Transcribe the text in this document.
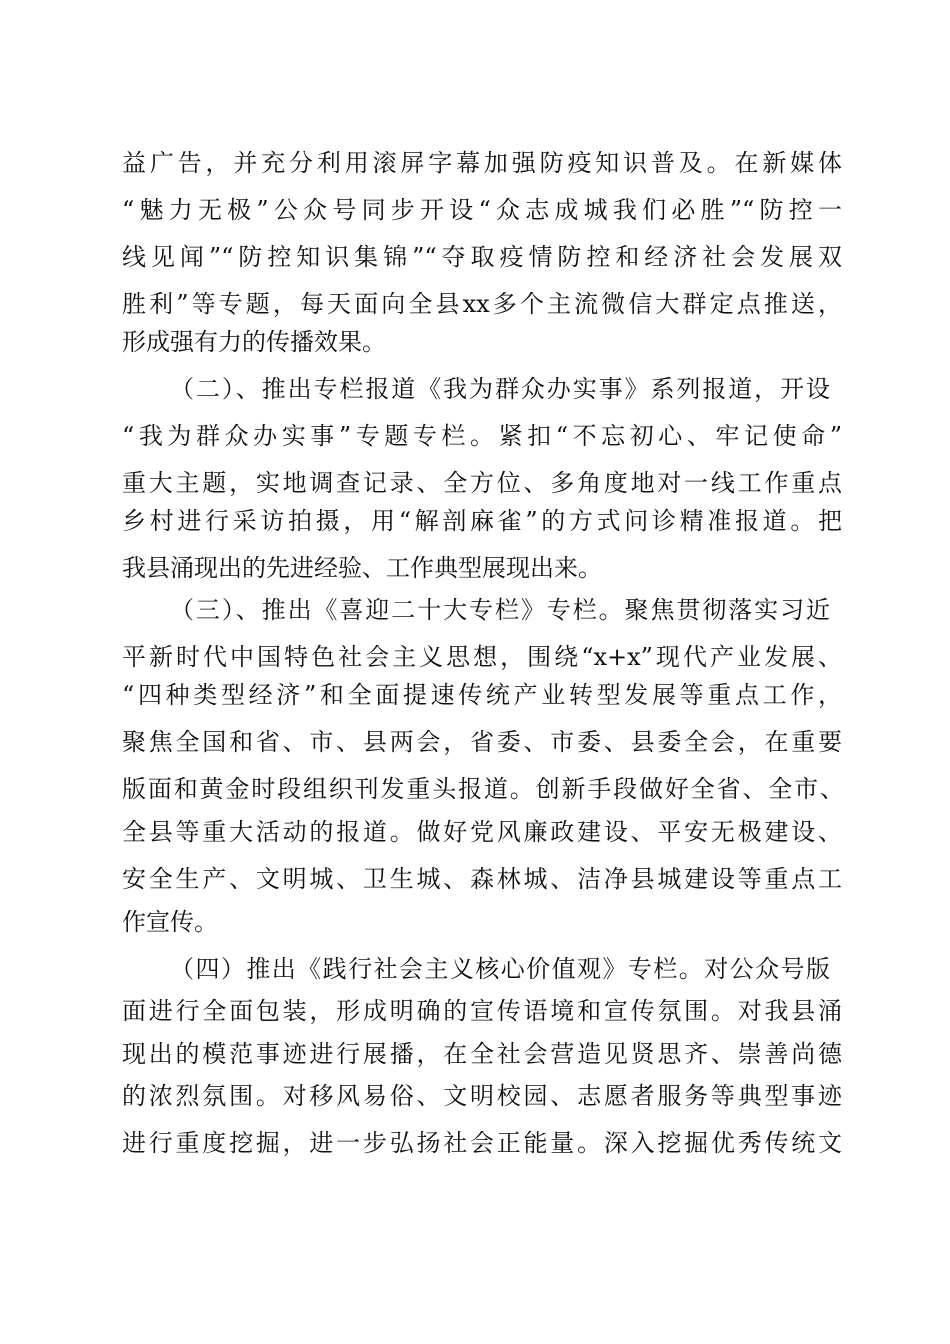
益广告，并充分利用滚屏字幕加强防疫知识普及。在新媒体
“魅力无极”公众号同步开设“众志成城我们必胜”“防控一
线见闻”“防控知识集锦”“夺取疫情防控和经济社会发展双
胜利”等专题，每天面向全县xx多个主流微信大群定点推送，
形成强有力的传播效果。
（二）、推出专栏报道《我为群众办实事》系列报道，开设
“我为群众办实事”专题专栏。紧扣“不忘初心、牢记使命”
重大主题，实地调查记录、全方位、多角度地对一线工作重点
乡村进行采访拍摄，用“解剖麻雀”的方式问诊精准报道。把
我县涌现出的先进经验、工作典型展现出来。
（三）、推出《喜迎二十大专栏》专栏。聚焦贯彻落实习近
平新时代中国特色社会主义思想，围绕“x+x”现代产业发展、
“四种类型经济”和全面提速传统产业转型发展等重点工作，
聚焦全国和省、市、县两会，省委、市委、县委全会，在重要
版面和黄金时段组织刊发重头报道。创新手段做好全省、全市、
全县等重大活动的报道。做好党风廉政建设、平安无极建设、
安全生产、文明城、卫生城、森林城、洁净县城建设等重点工
作宣传。
（四）推出《践行社会主义核心价值观》专栏。对公众号版
面进行全面包装，形成明确的宣传语境和宣传氛围。对我县涌
现出的模范事迹进行展播，在全社会营造见贤思齐、崇善尚德
的浓烈氛围。对移风易俗、文明校园、志愿者服务等典型事迹
进行重度挖掘，进一步弘扬社会正能量。深入挖掘优秀传统文
